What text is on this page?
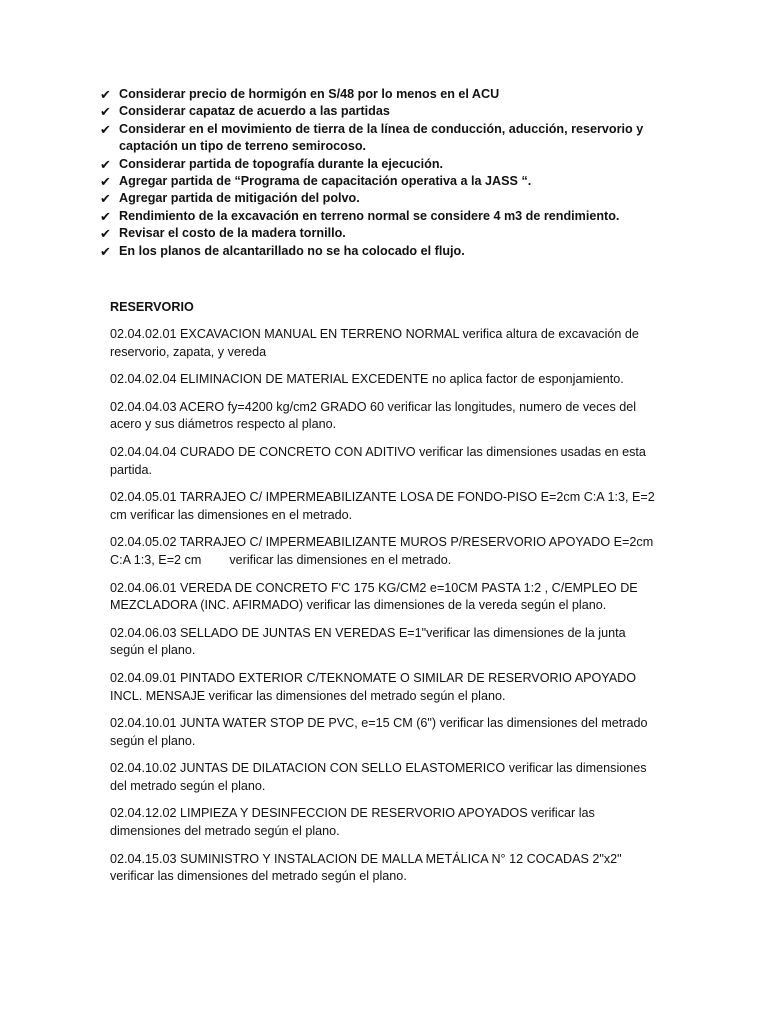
✔ Considerar precio de hormigón en S/48 por lo menos en el ACU
✔ Considerar capataz de acuerdo a las partidas
✔ Considerar en el movimiento de tierra de la línea de conducción, aducción, reservorio y captación un tipo de terreno semirocoso.
✔ Considerar partida de topografía durante la ejecución.
✔ Agregar partida de “Programa de capacitación operativa a la JASS “.
✔ Agregar partida de mitigación del polvo.
✔ Rendimiento de la excavación en terreno normal se considere 4 m3 de rendimiento.
✔ Revisar el costo de la madera tornillo.
✔ En los planos de alcantarillado no se ha colocado el flujo.
RESERVORIO

02.04.02.01 EXCAVACION MANUAL EN TERRENO NORMAL verifica altura de excavación de reservorio, zapata, y vereda

02.04.02.04 ELIMINACION DE MATERIAL EXCEDENTE no aplica factor de esponjamiento.

02.04.04.03 ACERO fy=4200 kg/cm2 GRADO 60 verificar las longitudes, numero de veces del acero y sus diámetros respecto al plano.

02.04.04.04 CURADO DE CONCRETO CON ADITIVO verificar las dimensiones usadas en esta partida.

02.04.05.01 TARRAJEO C/ IMPERMEABILIZANTE LOSA DE FONDO-PISO E=2cm C:A 1:3, E=2 cm verificar las dimensiones en el metrado.

02.04.05.02 TARRAJEO C/ IMPERMEABILIZANTE MUROS P/RESERVORIO APOYADO E=2cm  C:A 1:3, E=2 cm        verificar las dimensiones en el metrado.

02.04.06.01 VEREDA DE CONCRETO F'C 175 KG/CM2 e=10CM PASTA 1:2 , C/EMPLEO DE MEZCLADORA (INC. AFIRMADO) verificar las dimensiones de la vereda según el plano.

02.04.06.03 SELLADO DE JUNTAS EN VEREDAS E=1"verificar las dimensiones de la junta según el plano.

02.04.09.01 PINTADO EXTERIOR C/TEKNOMATE O SIMILAR DE RESERVORIO APOYADO INCL. MENSAJE verificar las dimensiones del metrado según el plano.

02.04.10.01 JUNTA WATER STOP DE PVC, e=15 CM (6") verificar las dimensiones del metrado según el plano.

02.04.10.02 JUNTAS DE DILATACION CON SELLO ELASTOMERICO verificar las dimensiones del metrado según el plano.

02.04.12.02 LIMPIEZA Y DESINFECCION DE RESERVORIO APOYADOS verificar las dimensiones del metrado según el plano.

02.04.15.03 SUMINISTRO Y INSTALACION DE MALLA METÁLICA N° 12 COCADAS 2"x2" verificar las dimensiones del metrado según el plano.
